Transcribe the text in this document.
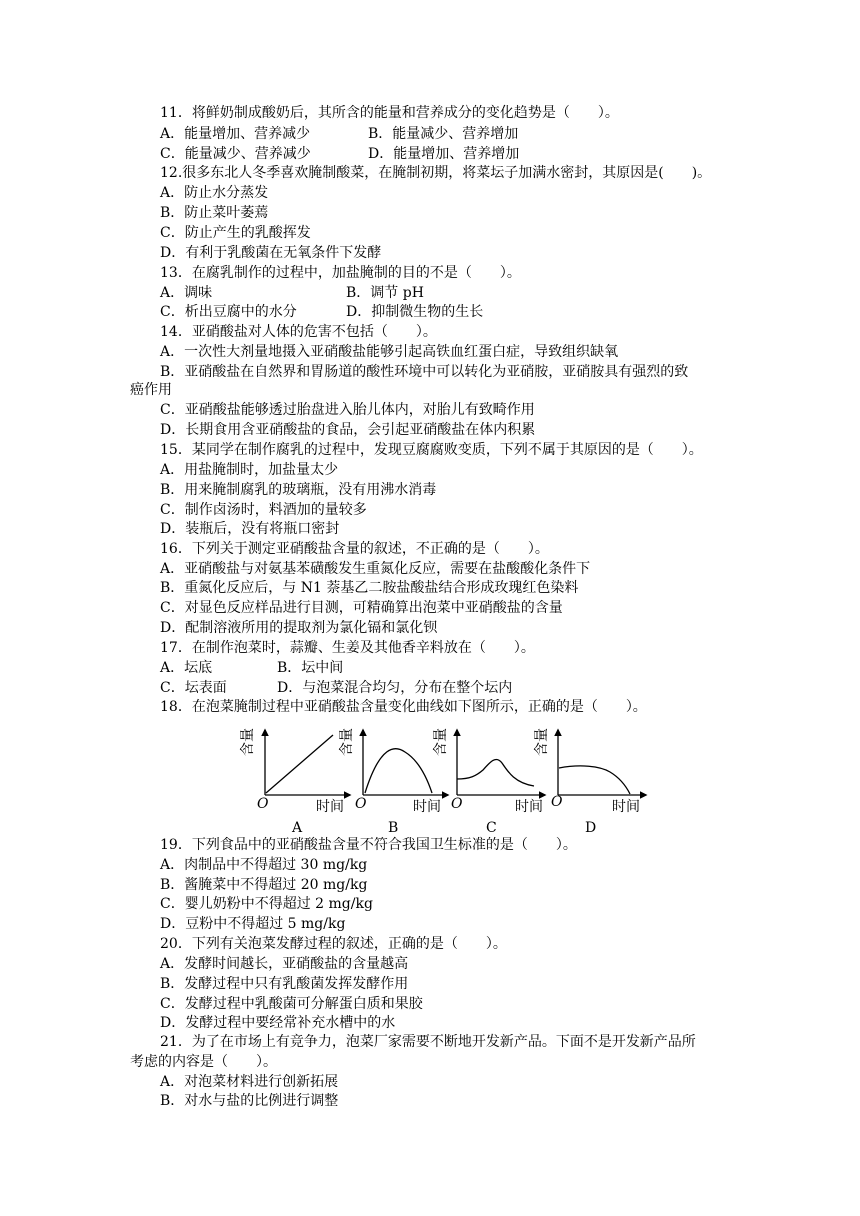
11．将鲜奶制成酸奶后，其所含的能量和营养成分的变化趋势是（　　）。
A．能量增加、营养减少	B．能量减少、营养增加
C．能量减少、营养减少	D．能量增加、营养增加
12.很多东北人冬季喜欢腌制酸菜，在腌制初期，将菜坛子加满水密封，其原因是(　　)。
A．防止水分蒸发
B．防止菜叶萎蔫
C．防止产生的乳酸挥发
D．有利于乳酸菌在无氧条件下发酵
13．在腐乳制作的过程中，加盐腌制的目的不是（　　）。
A．调味	B．调节 pH
C．析出豆腐中的水分	D．抑制微生物的生长
14．亚硝酸盐对人体的危害不包括（　　）。
A．一次性大剂量地摄入亚硝酸盐能够引起高铁血红蛋白症，导致组织缺氧
B．亚硝酸盐在自然界和胃肠道的酸性环境中可以转化为亚硝胺，亚硝胺具有强烈的致
癌作用
C．亚硝酸盐能够透过胎盘进入胎儿体内，对胎儿有致畸作用
D．长期食用含亚硝酸盐的食品，会引起亚硝酸盐在体内积累
15．某同学在制作腐乳的过程中，发现豆腐腐败变质，下列不属于其原因的是（　　）。
A．用盐腌制时，加盐量太少
B．用来腌制腐乳的玻璃瓶，没有用沸水消毒
C．制作卤汤时，料酒加的量较多
D．装瓶后，没有将瓶口密封
16．下列关于测定亚硝酸盐含量的叙述，不正确的是（　　）。
A．亚硝酸盐与对氨基苯磺酸发生重氮化反应，需要在盐酸酸化条件下
B．重氮化反应后，与 N1 萘基乙二胺盐酸盐结合形成玫瑰红色染料
C．对显色反应样品进行目测，可精确算出泡菜中亚硝酸盐的含量
D．配制溶液所用的提取剂为氯化镉和氯化钡
17．在制作泡菜时，蒜瓣、生姜及其他香辛料放在（　　）。
A．坛底	B．坛中间
C．坛表面	D．与泡菜混合均匀，分布在整个坛内
18．在泡菜腌制过程中亚硝酸盐含量变化曲线如下图所示，正确的是（　　）。
含量
O	时间
A
含量
O	时间
B
含量
O	时间
C
含量
O	时间
D
19．下列食品中的亚硝酸盐含量不符合我国卫生标准的是（　　）。
A．肉制品中不得超过 30 mg/kg
B．酱腌菜中不得超过 20 mg/kg
C．婴儿奶粉中不得超过 2 mg/kg
D．豆粉中不得超过 5 mg/kg
20．下列有关泡菜发酵过程的叙述，正确的是（　　）。
A．发酵时间越长，亚硝酸盐的含量越高
B．发酵过程中只有乳酸菌发挥发酵作用
C．发酵过程中乳酸菌可分解蛋白质和果胶
D．发酵过程中要经常补充水槽中的水
21．为了在市场上有竞争力，泡菜厂家需要不断地开发新产品。下面不是开发新产品所
考虑的内容是（　　）。
A．对泡菜材料进行创新拓展
B．对水与盐的比例进行调整
